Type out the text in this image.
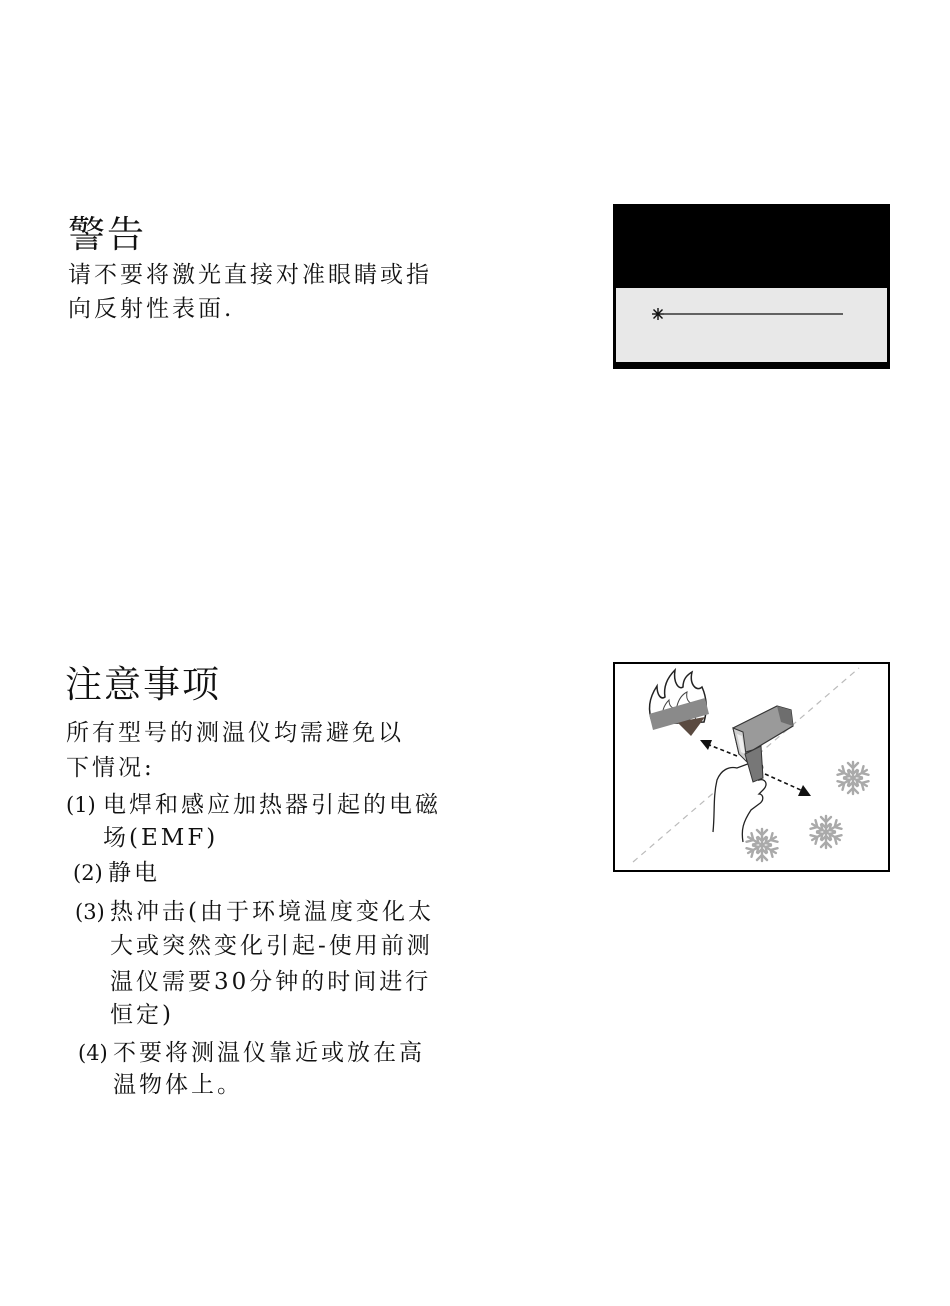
警告
请不要将激光直接对准眼睛或指
向反射性表面.
注意事项
所有型号的测温仪均需避免以
下情况:
(1) 电焊和感应加热器引起的电磁
场(EMF)
(2) 静电
(3) 热冲击(由于环境温度变化太
大或突然变化引起-使用前测
温仪需要30分钟的时间进行
恒定)
(4) 不要将测温仪靠近或放在高
温物体上。
